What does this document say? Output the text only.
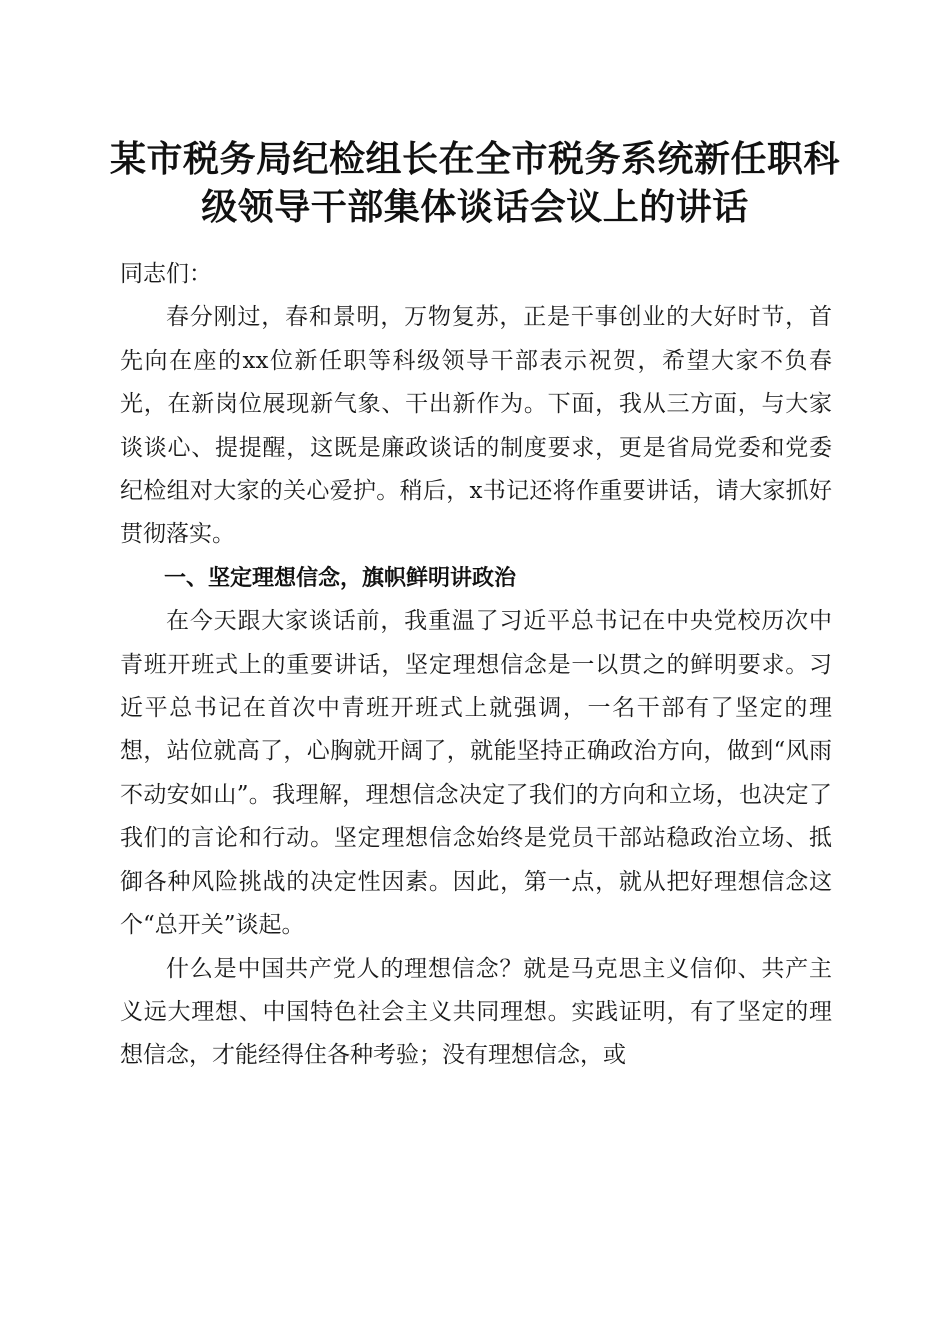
某市税务局纪检组长在全市税务系统新任职科级领导干部集体谈话会议上的讲话

同志们：

春分刚过，春和景明，万物复苏，正是干事创业的大好时节，首先向在座的xx位新任职等科级领导干部表示祝贺，希望大家不负春光，在新岗位展现新气象、干出新作为。下面，我从三方面，与大家谈谈心、提提醒，这既是廉政谈话的制度要求，更是省局党委和党委纪检组对大家的关心爱护。稍后，x书记还将作重要讲话，请大家抓好贯彻落实。

一、坚定理想信念，旗帜鲜明讲政治

在今天跟大家谈话前，我重温了习近平总书记在中央党校历次中青班开班式上的重要讲话，坚定理想信念是一以贯之的鲜明要求。习近平总书记在首次中青班开班式上就强调，一名干部有了坚定的理想，站位就高了，心胸就开阔了，就能坚持正确政治方向，做到“风雨不动安如山”。我理解，理想信念决定了我们的方向和立场，也决定了我们的言论和行动。坚定理想信念始终是党员干部站稳政治立场、抵御各种风险挑战的决定性因素。因此，第一点，就从把好理想信念这个“总开关”谈起。

什么是中国共产党人的理想信念？就是马克思主义信仰、共产主义远大理想、中国特色社会主义共同理想。实践证明，有了坚定的理想信念，才能经得住各种考验；没有理想信念，或
